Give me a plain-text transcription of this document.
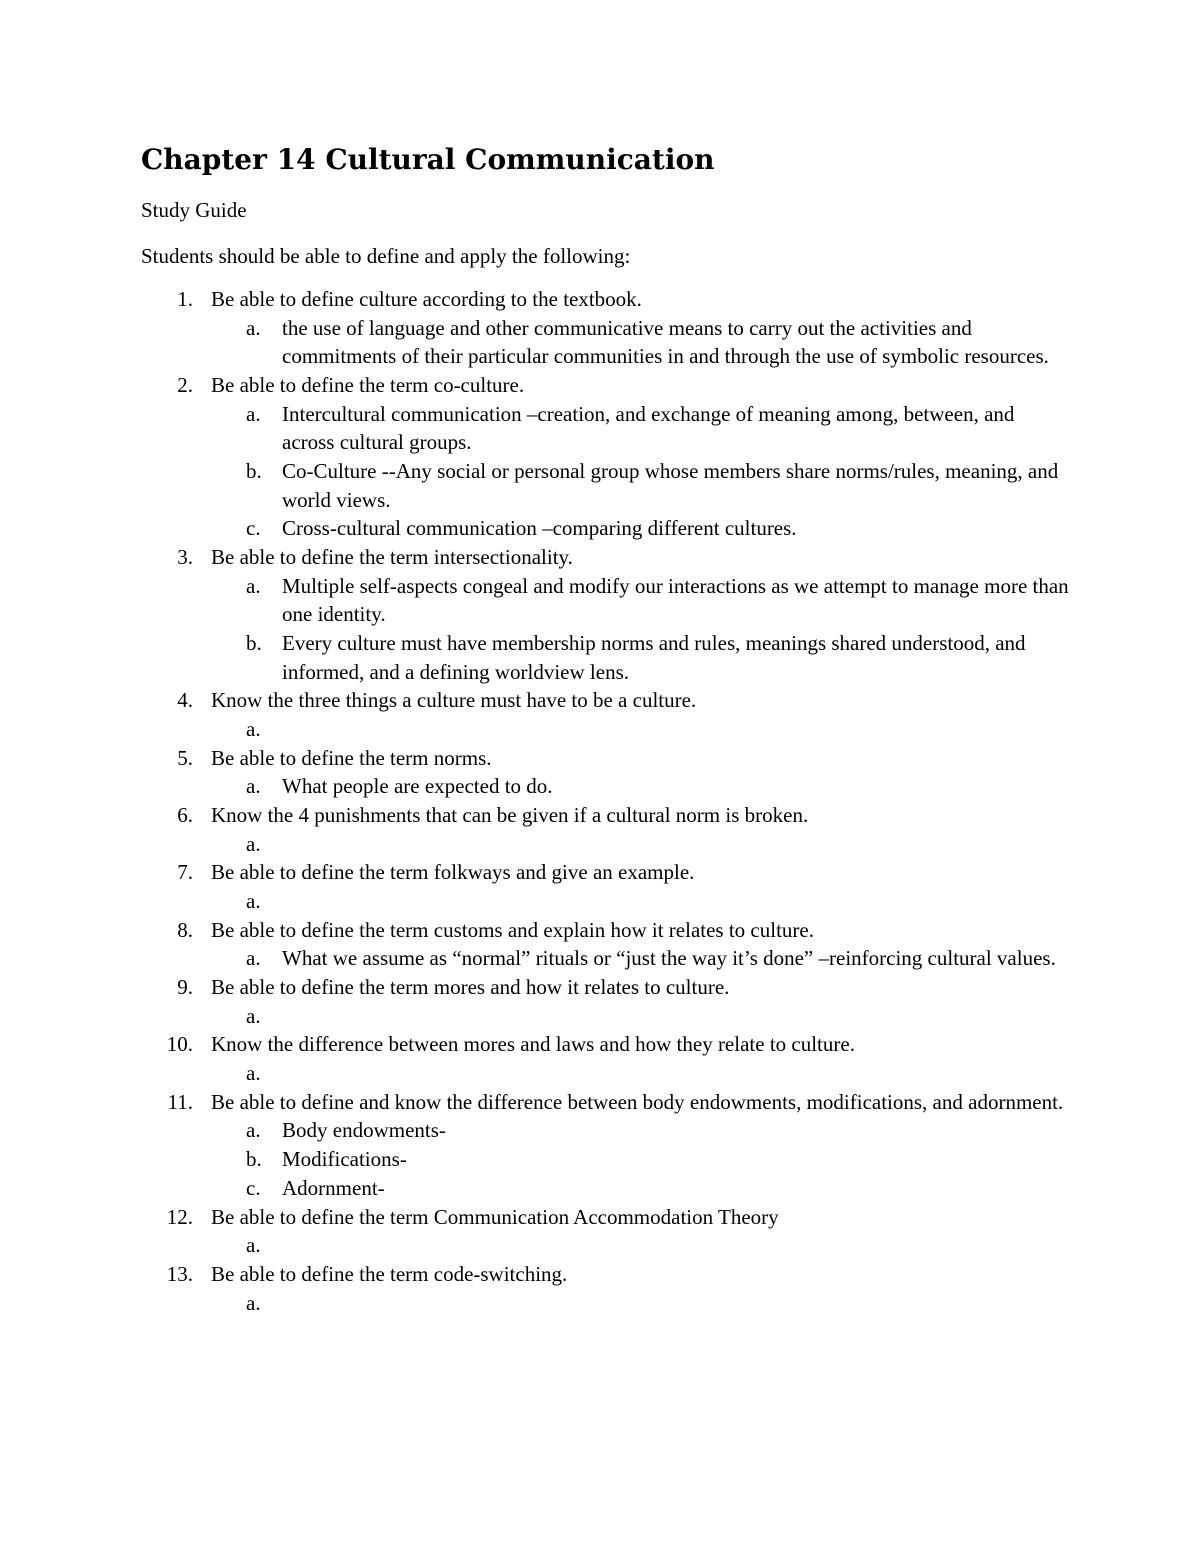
Chapter 14 Cultural Communication

Study Guide

Students should be able to define and apply the following:

1. Be able to define culture according to the textbook.
a. the use of language and other communicative means to carry out the activities and commitments of their particular communities in and through the use of symbolic resources.
2. Be able to define the term co-culture.
a. Intercultural communication –creation, and exchange of meaning among, between, and across cultural groups.
b. Co-Culture --Any social or personal group whose members share norms/rules, meaning, and world views.
c. Cross-cultural communication –comparing different cultures.
3. Be able to define the term intersectionality.
a. Multiple self-aspects congeal and modify our interactions as we attempt to manage more than one identity.
b. Every culture must have membership norms and rules, meanings shared understood, and informed, and a defining worldview lens.
4. Know the three things a culture must have to be a culture.
a.
5. Be able to define the term norms.
a. What people are expected to do.
6. Know the 4 punishments that can be given if a cultural norm is broken.
a.
7. Be able to define the term folkways and give an example.
a.
8. Be able to define the term customs and explain how it relates to culture.
a. What we assume as “normal” rituals or “just the way it’s done” –reinforcing cultural values.
9. Be able to define the term mores and how it relates to culture.
a.
10. Know the difference between mores and laws and how they relate to culture.
a.
11. Be able to define and know the difference between body endowments, modifications, and adornment.
a. Body endowments-
b. Modifications-
c. Adornment-
12. Be able to define the term Communication Accommodation Theory
a.
13. Be able to define the term code-switching.
a.
